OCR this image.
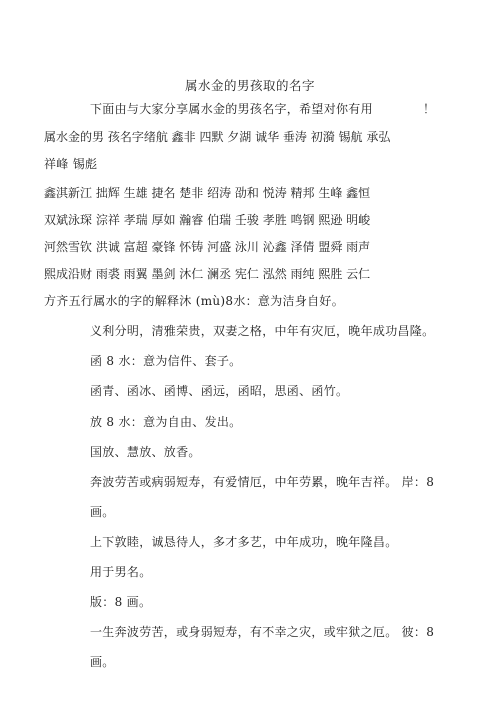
属水金的男孩取的名字
下面由与大家分享属水金的男孩名字，希望对你有用	！
属水金的男 孩名字绪航 鑫非 四默 夕湖 诚华 垂涛 初漪 锡航 承弘
祥峰 锡彪
鑫淇新江 拙辉 生雄 捷名 楚非 绍涛 劭和 悦涛 精邦 生峰 鑫恒
双斌泳琛 淙祥 孝瑞 厚如 瀚睿 伯瑞 壬骏 孝胜 鸣钢 熙逊 明峻
河然雪钦 洪诚 富超 豪锋 怀铸 河盛 泳川 沁鑫 泽倩 盟舜 雨声
熙成沿财 雨裘 雨翼 墨剑 沐仁 澜丞 宪仁 泓然 雨纯 熙胜 云仁
方齐五行属水的字的解释沐 (mù)8水：意为洁身自好。
义利分明，清雅荣贵，双妻之格，中年有灾厄，晚年成功昌隆。
函 8 水：意为信件、套子。
函青、函冰、函博、函远，函昭，思函、函竹。
放 8 水：意为自由、发出。
国放、慧放、放香。
奔波劳苦或病弱短寿，有爱情厄，中年劳累，晚年吉祥。 岸：8
画。
上下敦睦，诚恳待人，多才多艺，中年成功，晚年隆昌。
用于男名。
版：8 画。
一生奔波劳苦，或身弱短寿，有不幸之灾，或牢狱之厄。 彼：8
画。
